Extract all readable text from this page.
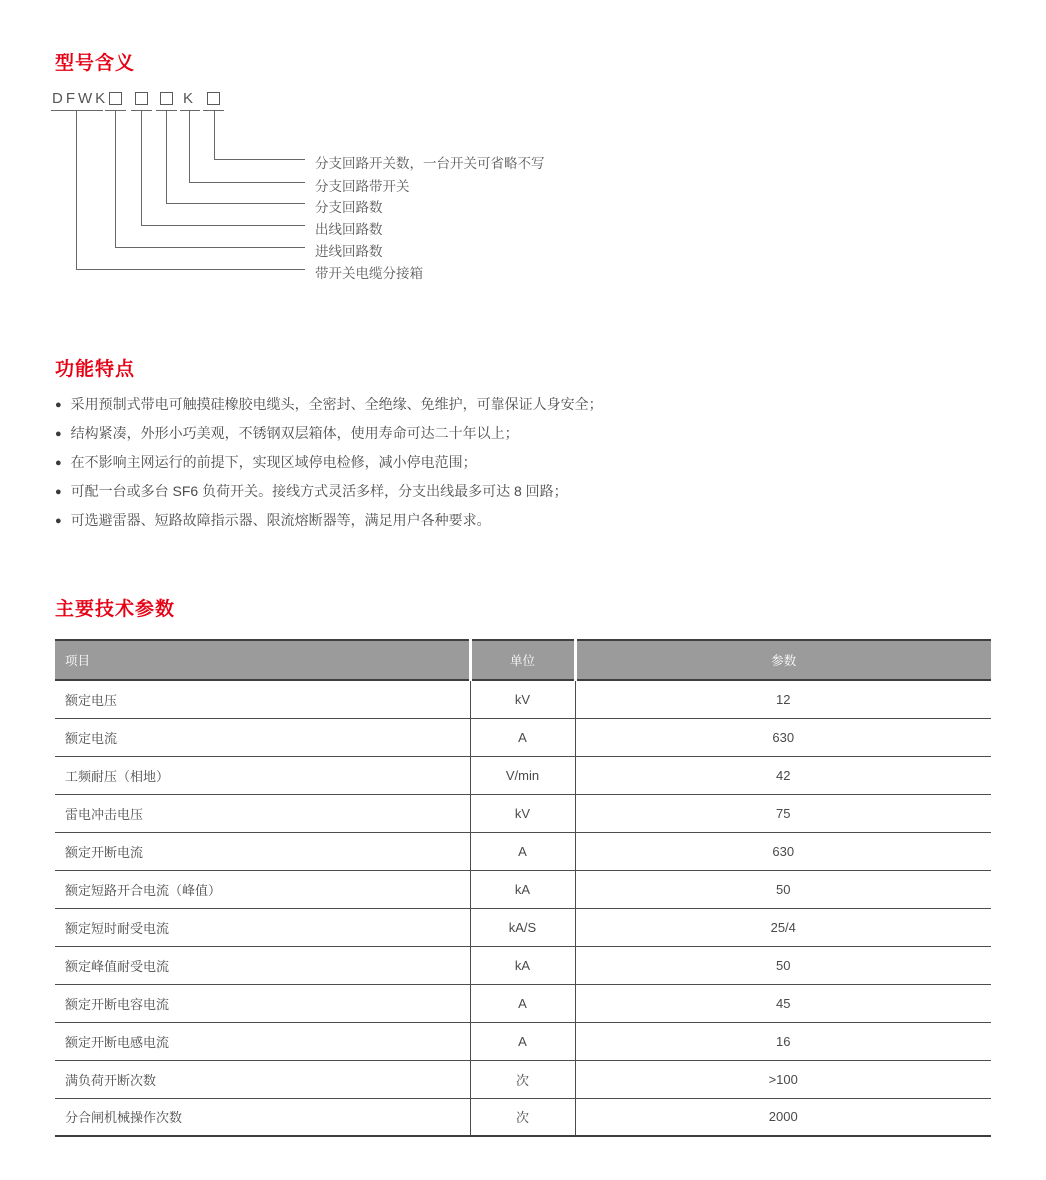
型号含义
DFWK	K
分支回路开关数，一台开关可省略不写
分支回路带开关
分支回路数
出线回路数
进线回路数
带开关电缆分接箱
功能特点
● 采用预制式带电可触摸硅橡胶电缆头，全密封、全绝缘、免维护，可靠保证人身安全；
● 结构紧凑，外形小巧美观，不锈钢双层箱体，使用寿命可达二十年以上；
● 在不影响主网运行的前提下，实现区域停电检修，减小停电范围；
● 可配一台或多台 SF6 负荷开关。接线方式灵活多样，分支出线最多可达 8 回路；
● 可选避雷器、短路故障指示器、限流熔断器等，满足用户各种要求。
主要技术参数
项目	单位	参数
额定电压	kV	12
额定电流	A	630
工频耐压（相地）	V/min	42
雷电冲击电压	kV	75
额定开断电流	A	630
额定短路开合电流（峰值）	kA	50
额定短时耐受电流	kA/S	25/4
额定峰值耐受电流	kA	50
额定开断电容电流	A	45
额定开断电感电流	A	16
满负荷开断次数	次	>100
分合闸机械操作次数	次	2000
